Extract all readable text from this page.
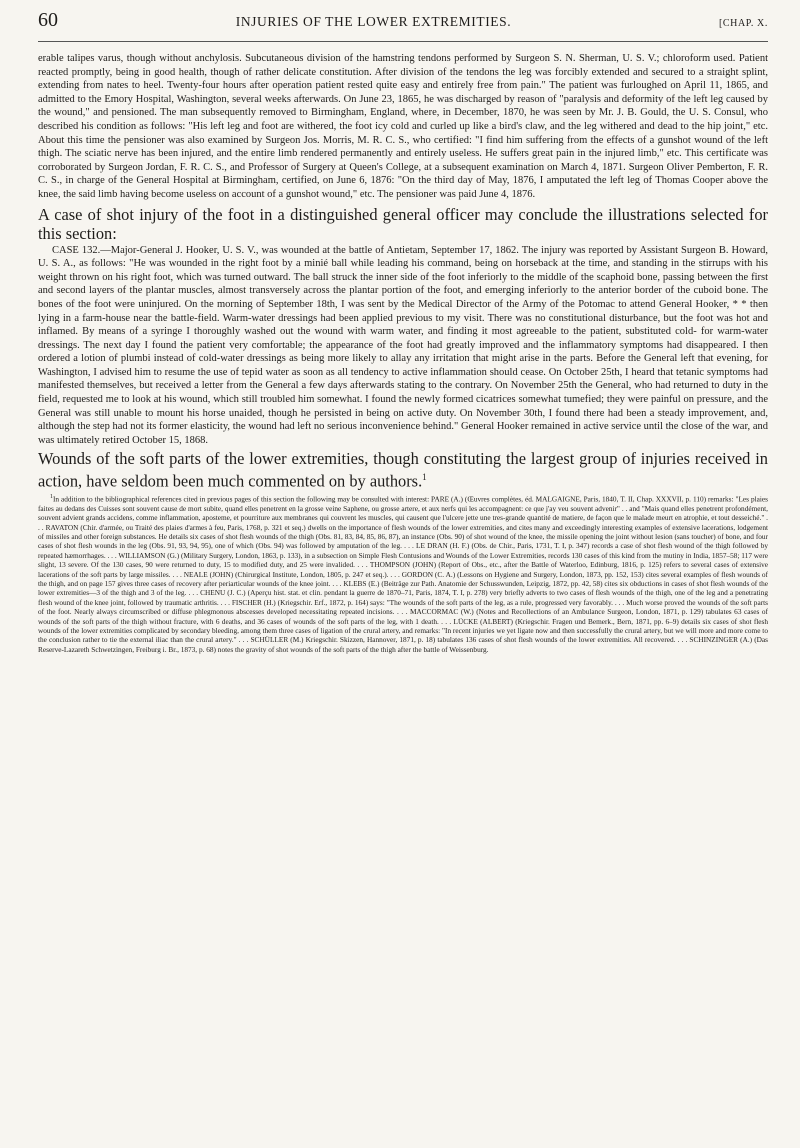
60	INJURIES OF THE LOWER EXTREMITIES.	[CHAP. X.

erable talipes varus, though without anchylosis. Subcutaneous division of the hamstring tendons performed by Surgeon S. N. Sherman, U. S. V.; chloroform used. Patient reacted promptly, being in good health, though of rather delicate constitution. After division of the tendons the leg was forcibly extended and secured to a straight splint, extending from nates to heel. Twenty-four hours after operation patient rested quite easy and entirely free from pain." The patient was furloughed on April 11, 1865, and admitted to the Emory Hospital, Washington, several weeks afterwards. On June 23, 1865, he was discharged by reason of "paralysis and deformity of the left leg caused by the wound," and pensioned. The man subsequently removed to Birmingham, England, where, in December, 1870, he was seen by Mr. J. B. Gould, the U. S. Consul, who described his condition as follows: "His left leg and foot are withered, the foot icy cold and curled up like a bird's claw, and the leg withered and dead to the hip joint," etc. About this time the pensioner was also examined by Surgeon Jos. Morris, M. R. C. S., who certified: "I find him suffering from the effects of a gunshot wound of the left thigh. The sciatic nerve has been injured, and the entire limb rendered permanently and entirely useless. He suffers great pain in the injured limb," etc. This certificate was corroborated by Surgeon Jordan, F. R. C. S., and Professor of Surgery at Queen's College, at a subsequent examination on March 4, 1871. Surgeon Oliver Pemberton, F. R. C. S., in charge of the General Hospital at Birmingham, certified, on June 6, 1876: "On the third day of May, 1876, I amputated the left leg of Thomas Cooper above the knee, the said limb having become useless on account of a gunshot wound," etc. The pensioner was paid June 4, 1876.

A case of shot injury of the foot in a distinguished general officer may conclude the illustrations selected for this section:

CASE 132.—Major-General J. Hooker, U. S. V., was wounded at the battle of Antietam, September 17, 1862. The injury was reported by Assistant Surgeon B. Howard, U. S. A., as follows: "He was wounded in the right foot by a minié ball while leading his command, being on horseback at the time, and standing in the stirrups with his weight thrown on his right foot, which was turned outward. The ball struck the inner side of the foot inferiorly to the middle of the scaphoid bone, passing between the first and second layers of the plantar muscles, almost transversely across the plantar portion of the foot, and emerging inferiorly to the anterior border of the cuboid bone. The bones of the foot were uninjured. On the morning of September 18th, I was sent by the Medical Director of the Army of the Potomac to attend General Hooker, * * then lying in a farm-house near the battle-field. Warm-water dressings had been applied previous to my visit. There was no constitutional disturbance, but the foot was hot and inflamed. By means of a syringe I thoroughly washed out the wound with warm water, and finding it most agreeable to the patient, substituted cold- for warm-water dressings. The next day I found the patient very comfortable; the appearance of the foot had greatly improved and the inflammatory symptoms had disappeared. I then ordered a lotion of plumbi instead of cold-water dressings as being more likely to allay any irritation that might arise in the parts. Before the General left that evening, for Washington, I advised him to resume the use of tepid water as soon as all tendency to active inflammation should cease. On October 25th, I heard that tetanic symptoms had manifested themselves, but received a letter from the General a few days afterwards stating to the contrary. On November 25th the General, who had returned to duty in the field, requested me to look at his wound, which still troubled him somewhat. I found the newly formed cicatrices somewhat tumefied; they were painful on pressure, and the General was still unable to mount his horse unaided, though he persisted in being on active duty. On November 30th, I found there had been a steady improvement, and, although the step had not its former elasticity, the wound had left no serious inconvenience behind." General Hooker remained in active service until the close of the war, and was ultimately retired October 15, 1868.

Wounds of the soft parts of the lower extremities, though constituting the largest group of injuries received in action, have seldom been much commented on by authors.$^1$

$^1$In addition to the bibliographical references cited in previous pages of this section the following may be consulted with interest: PARE (A.) (Œuvres complètes, éd. MALGAIGNE, Paris, 1840, T. II, Chap. XXXVII, p. 110) remarks: "Les plaies faites au dedans des Cuisses sont souvent cause de mort subite, quand elles penetrent en la grosse veine Saphene, ou grosse artere, et aux nerfs qui les accompagnent: ce que j'ay veu souvent advenir" . . and "Mais quand elles penetrent profondément, souvent advient grands accidens, comme inflammation, aposteme, et pourriture aux membranes qui couvrent les muscles, qui causent que l'ulcere jette une tres-grande quantité de matiere, de façon que le malade meurt en atrophie, et tout desseiché." . . . RAVATON (Chir. d'armée, ou Traité des plaies d'armes à feu, Paris, 1768, p. 321 et seq.) dwells on the importance of flesh wounds of the lower extremities, and cites many and exceedingly interesting examples of extensive lacerations, lodgement of missiles and other foreign substances. He details six cases of shot flesh wounds of the thigh (Obs. 81, 83, 84, 85, 86, 87), an instance (Obs. 90) of shot wound of the knee, the missile opening the joint without lesion (sans toucher) of bone, and four cases of shot flesh wounds in the leg (Obs. 91, 93, 94, 95), one of which (Obs. 94) was followed by amputation of the leg. . . . LE DRAN (H. F.) (Obs. de Chir., Paris, 1731, T. I, p. 347) records a case of shot flesh wound of the thigh followed by repeated hæmorrhages. . . . WILLIAMSON (G.) (Military Surgery, London, 1863, p. 133), in a subsection on Simple Flesh Contusions and Wounds of the Lower Extremities, records 130 cases of this kind from the mutiny in India, 1857–58; 117 were slight, 13 severe. Of the 130 cases, 90 were returned to duty, 15 to modified duty, and 25 were invalided. . . . THOMPSON (JOHN) (Report of Obs., etc., after the Battle of Waterloo, Edinburg, 1816, p. 125) refers to several cases of extensive lacerations of the soft parts by large missiles. . . . NEALE (JOHN) (Chirurgical Institute, London, 1805, p. 247 et seq.). . . . GORDON (C. A.) (Lessons on Hygiene and Surgery, London, 1873, pp. 152, 153) cites several examples of flesh wounds of the thigh, and on page 157 gives three cases of recovery after periarticular wounds of the knee joint. . . . KLEBS (E.) (Beiträge zur Path. Anatomie der Schusswunden, Leipzig, 1872, pp. 42, 58) cites six obductions in cases of shot flesh wounds of the lower extremities—3 of the thigh and 3 of the leg. . . . CHENU (J. C.) (Aperçu hist. stat. et clin. pendant la guerre de 1870–71, Paris, 1874, T. I, p. 278) very briefly adverts to two cases of flesh wounds of the thigh, one of the leg and a penetrating flesh wound of the knee joint, followed by traumatic arthritis. . . . FISCHER (H.) (Kriegschir. Erf., 1872, p. 164) says: "The wounds of the soft parts of the leg, as a rule, progressed very favorably. . . . Much worse proved the wounds of the soft parts of the foot. Nearly always circumscribed or diffuse phlegmonous abscesses developed necessitating repeated incisions. . . . MACCORMAC (W.) (Notes and Recollections of an Ambulance Surgeon, London, 1871, p. 129) tabulates 63 cases of wounds of the soft parts of the thigh without fracture, with 6 deaths, and 36 cases of wounds of the soft parts of the leg, with 1 death. . . . LÜCKE (ALBERT) (Kriegschir. Fragen und Bemerk., Bern, 1871, pp. 6–9) details six cases of shot flesh wounds of the lower extremities complicated by secondary bleeding, among them three cases of ligation of the crural artery, and remarks: "In recent injuries we yet ligate now and then successfully the crural artery, but we will more and more come to the conclusion rather to tie the external iliac than the crural artery." . . . SCHÜLLER (M.) Kriegschir. Skizzen, Hannover, 1871, p. 18) tabulates 136 cases of shot flesh wounds of the lower extremities. All recovered. . . . SCHINZINGER (A.) (Das Reserve-Lazareth Schwetzingen, Freiburg i. Br., 1873, p. 68) notes the gravity of shot wounds of the soft parts of the thigh after the battle of Weissenburg.
